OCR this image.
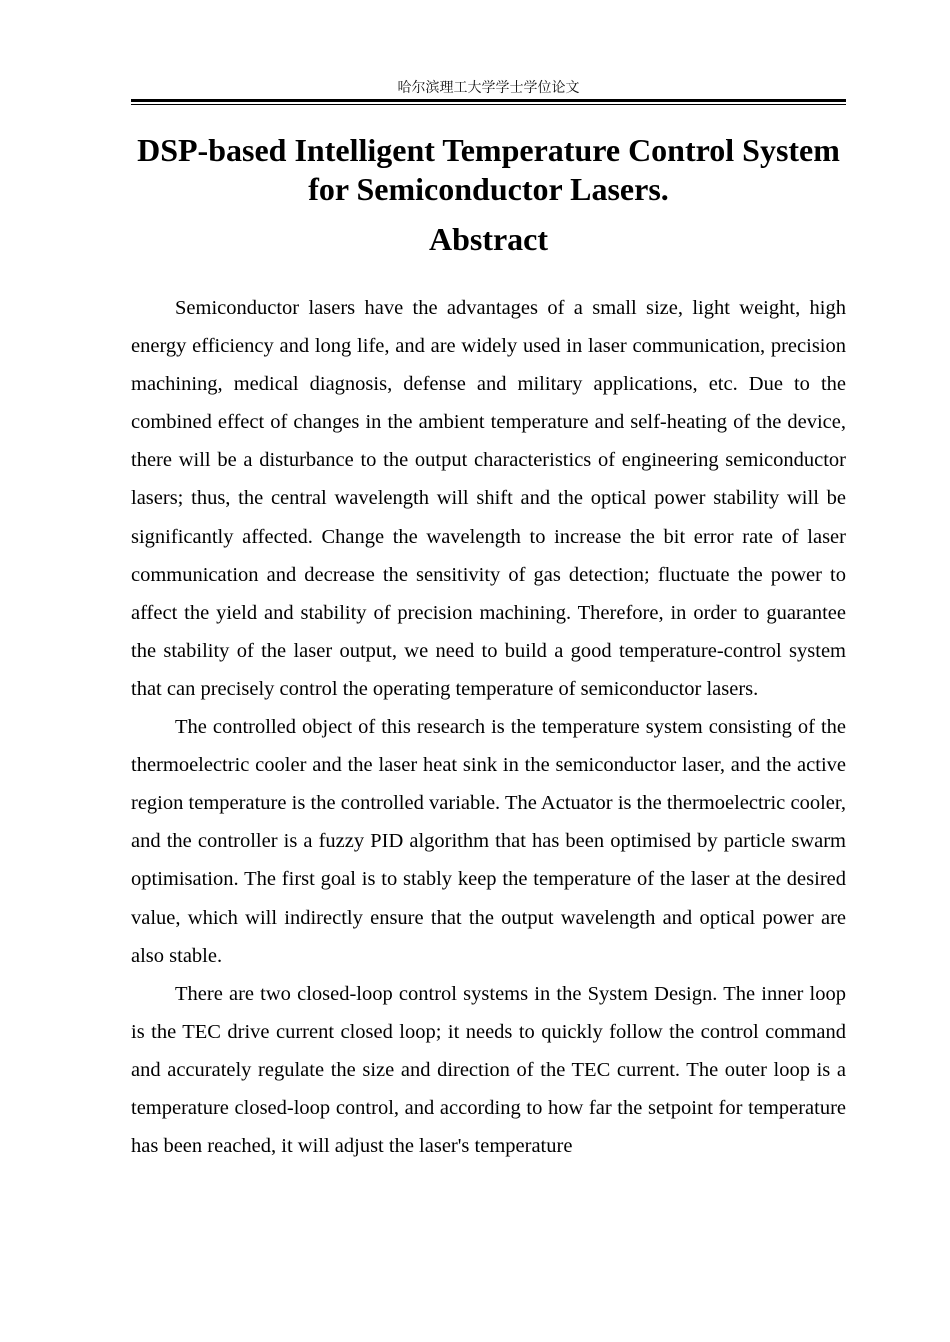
哈尔滨理工大学学士学位论文
DSP-based Intelligent Temperature Control System for Semiconductor Lasers.
Abstract

Semiconductor lasers have the advantages of a small size, light weight, high energy efficiency and long life, and are widely used in laser communication, precision machining, medical diagnosis, defense and military applications, etc. Due to the combined effect of changes in the ambient temperature and self-heating of the device, there will be a disturbance to the output characteristics of engineering semiconductor lasers; thus, the central wavelength will shift and the optical power stability will be significantly affected. Change the wavelength to increase the bit error rate of laser communication and decrease the sensitivity of gas detection; fluctuate the power to affect the yield and stability of precision machining. Therefore, in order to guarantee the stability of the laser output, we need to build a good temperature-control system that can precisely control the operating temperature of semiconductor lasers.

The controlled object of this research is the temperature system consisting of the thermoelectric cooler and the laser heat sink in the semiconductor laser, and the active region temperature is the controlled variable. The Actuator is the thermoelectric cooler, and the controller is a fuzzy PID algorithm that has been optimised by particle swarm optimisation. The first goal is to stably keep the temperature of the laser at the desired value, which will indirectly ensure that the output wavelength and optical power are also stable.

There are two closed-loop control systems in the System Design. The inner loop is the TEC drive current closed loop; it needs to quickly follow the control command and accurately regulate the size and direction of the TEC current. The outer loop is a temperature closed-loop control, and according to how far the setpoint for temperature has been reached, it will adjust the laser's temperature
